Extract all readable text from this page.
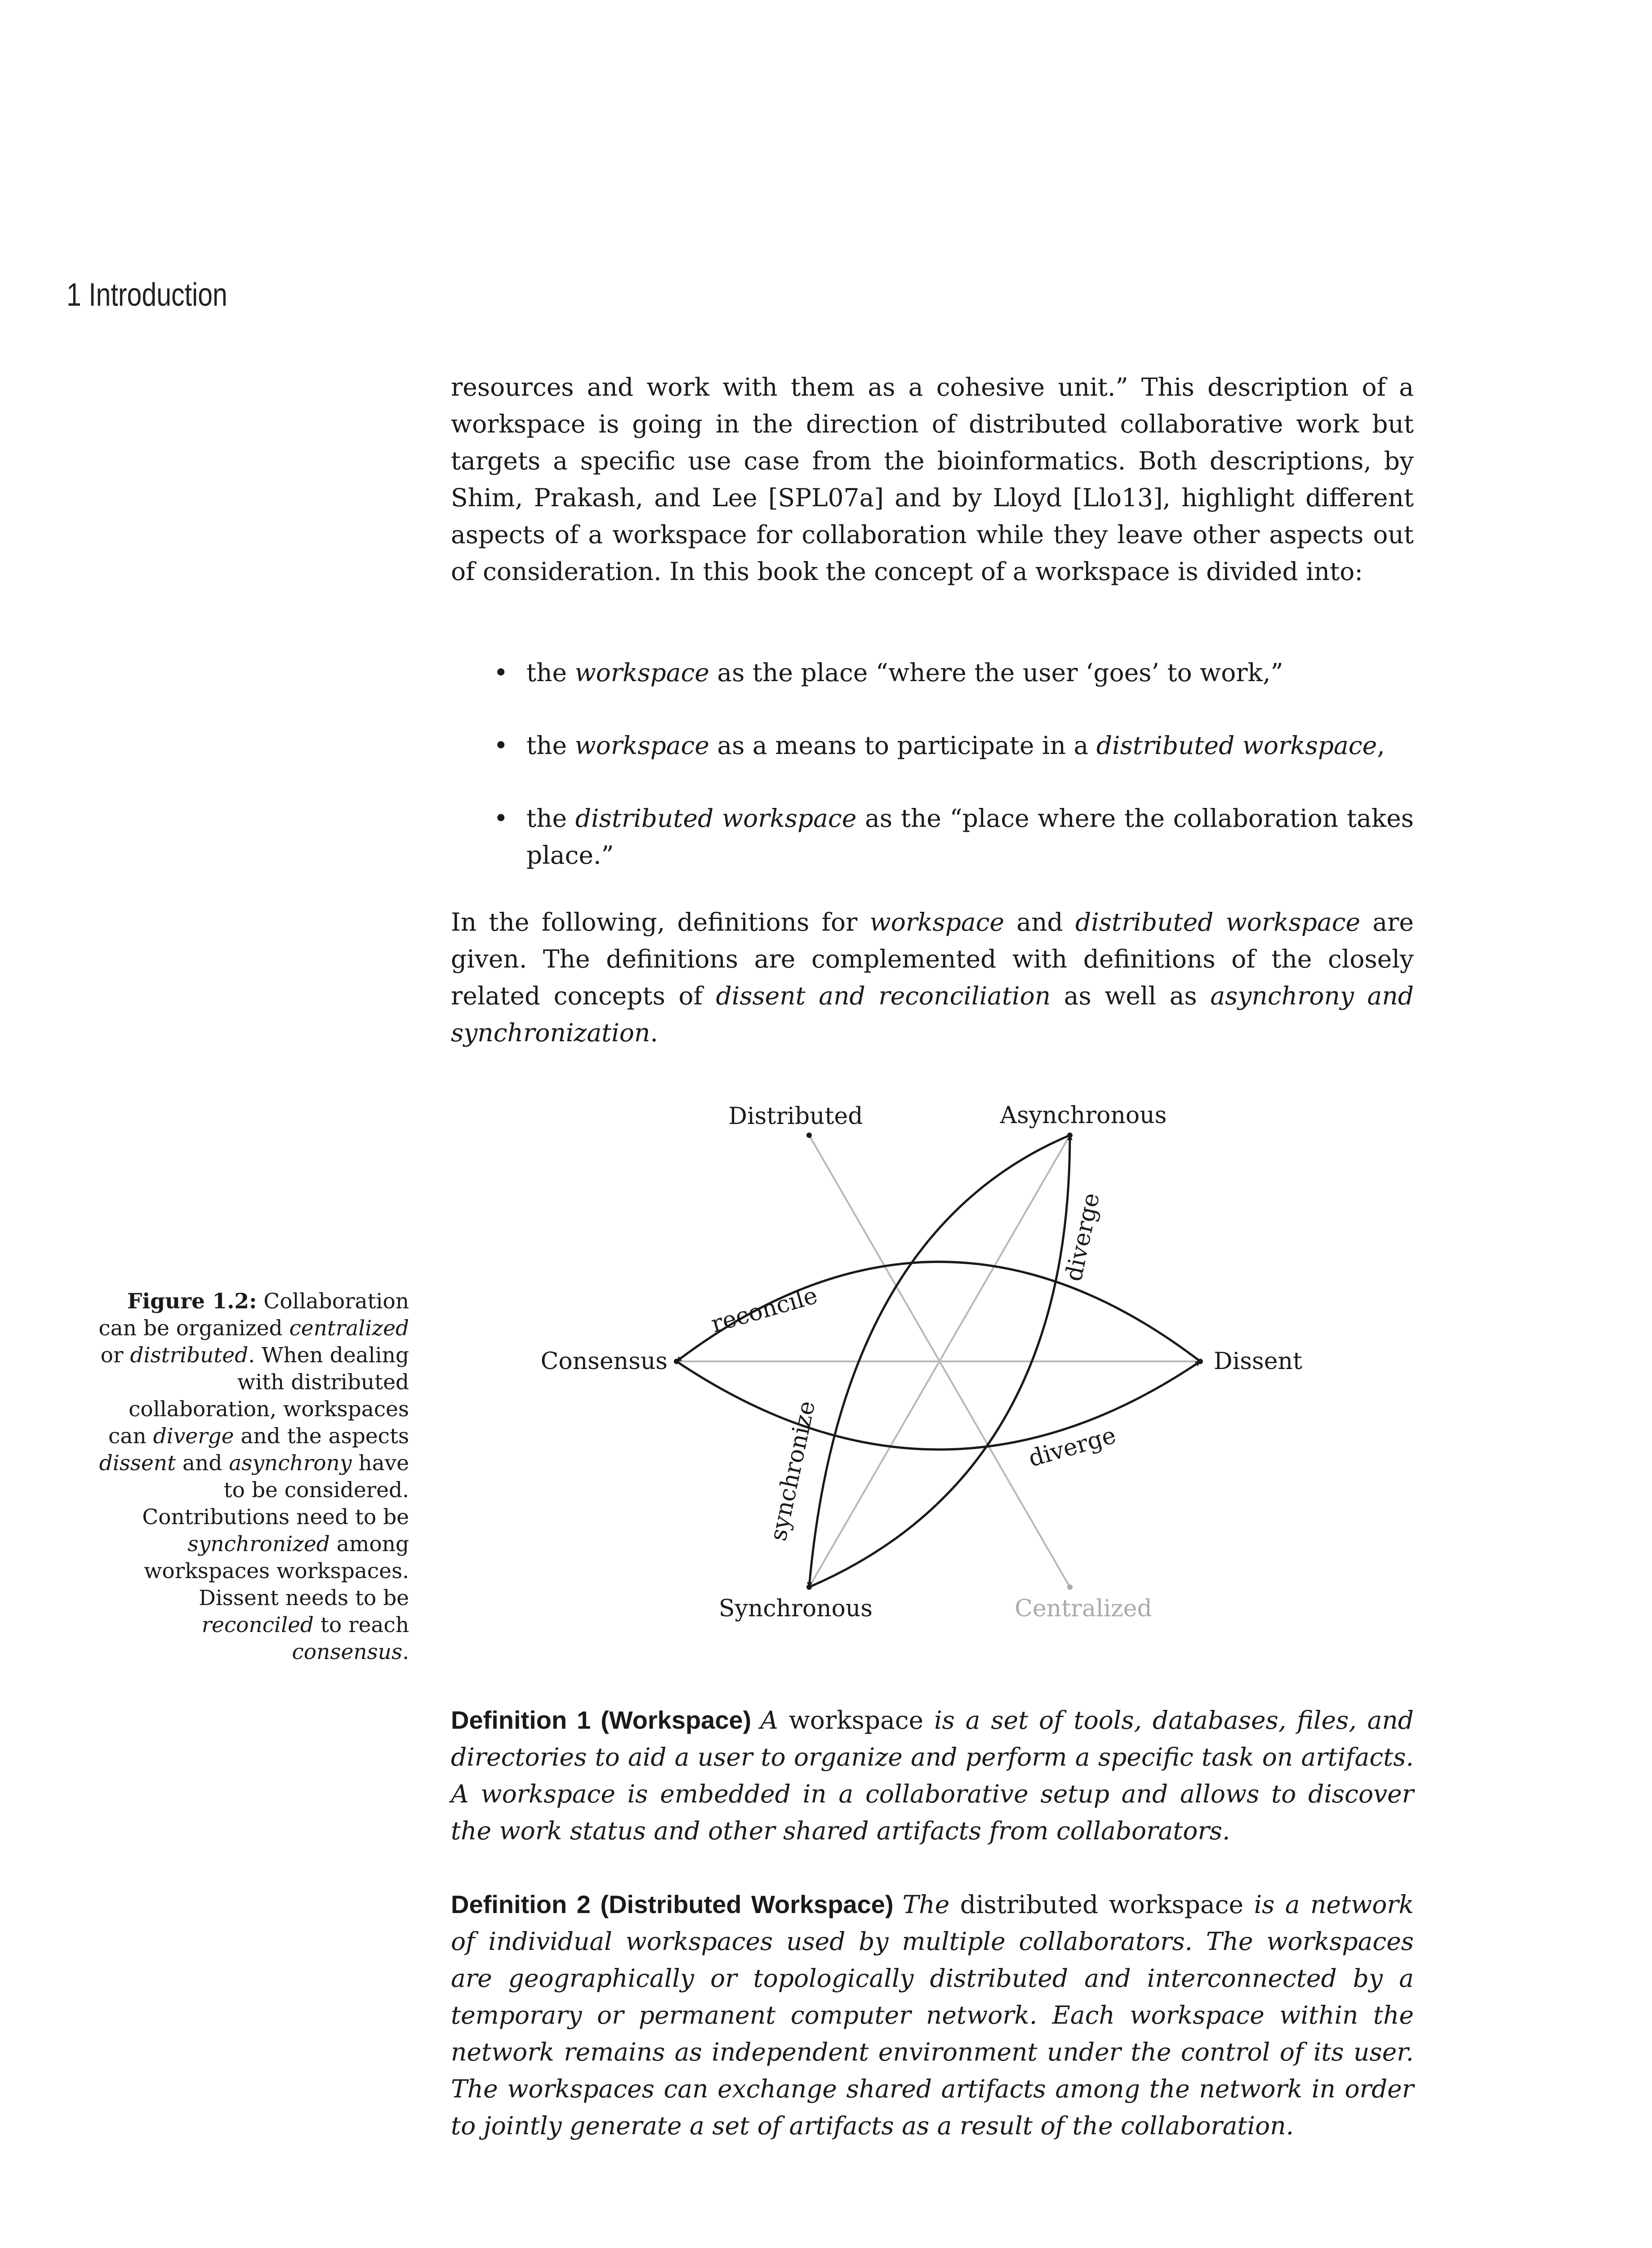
1 Introduction

resources and work with them as a cohesive unit.” This description of a workspace is going in the direction of distributed collaborative work but targets a specific use case from the bioinformatics. Both descriptions, by Shim, Prakash, and Lee [SPL07a] and by Lloyd [Llo13], highlight different aspects of a workspace for collaboration while they leave other aspects out of consideration. In this book the concept of a workspace is divided into:

• the workspace as the place “where the user ‘goes’ to work,”
• the workspace as a means to participate in a distributed workspace,
• the distributed workspace as the “place where the collaboration takes place.”
In the following, definitions for workspace and distributed workspace are given. The definitions are complemented with definitions of the closely related concepts of dissent and reconciliation as well as asynchrony and synchronization.
Figure 1.2: Collaboration can be organized centralized or distributed. When dealing with distributed collaboration, workspaces can diverge and the aspects dissent and asynchrony have to be considered. Contributions need to be synchronized among workspaces workspaces. Dissent needs to be reconciled to reach consensus.
Distributed	Asynchronous
Consensus	Dissent
Synchronous	Centralized
reconcile
diverge
synchronize
diverge
Definition 1 (Workspace) A workspace is a set of tools, databases, files, and directories to aid a user to organize and perform a specific task on artifacts. A workspace is embedded in a collaborative setup and allows to discover the work status and other shared artifacts from collaborators.
Definition 2 (Distributed Workspace) The distributed workspace is a network of individual workspaces used by multiple collaborators. The workspaces are geographically or topologically distributed and interconnected by a temporary or permanent computer network. Each workspace within the network remains as independent environment under the control of its user. The workspaces can exchange shared artifacts among the network in order to jointly generate a set of artifacts as a result of the collaboration.
